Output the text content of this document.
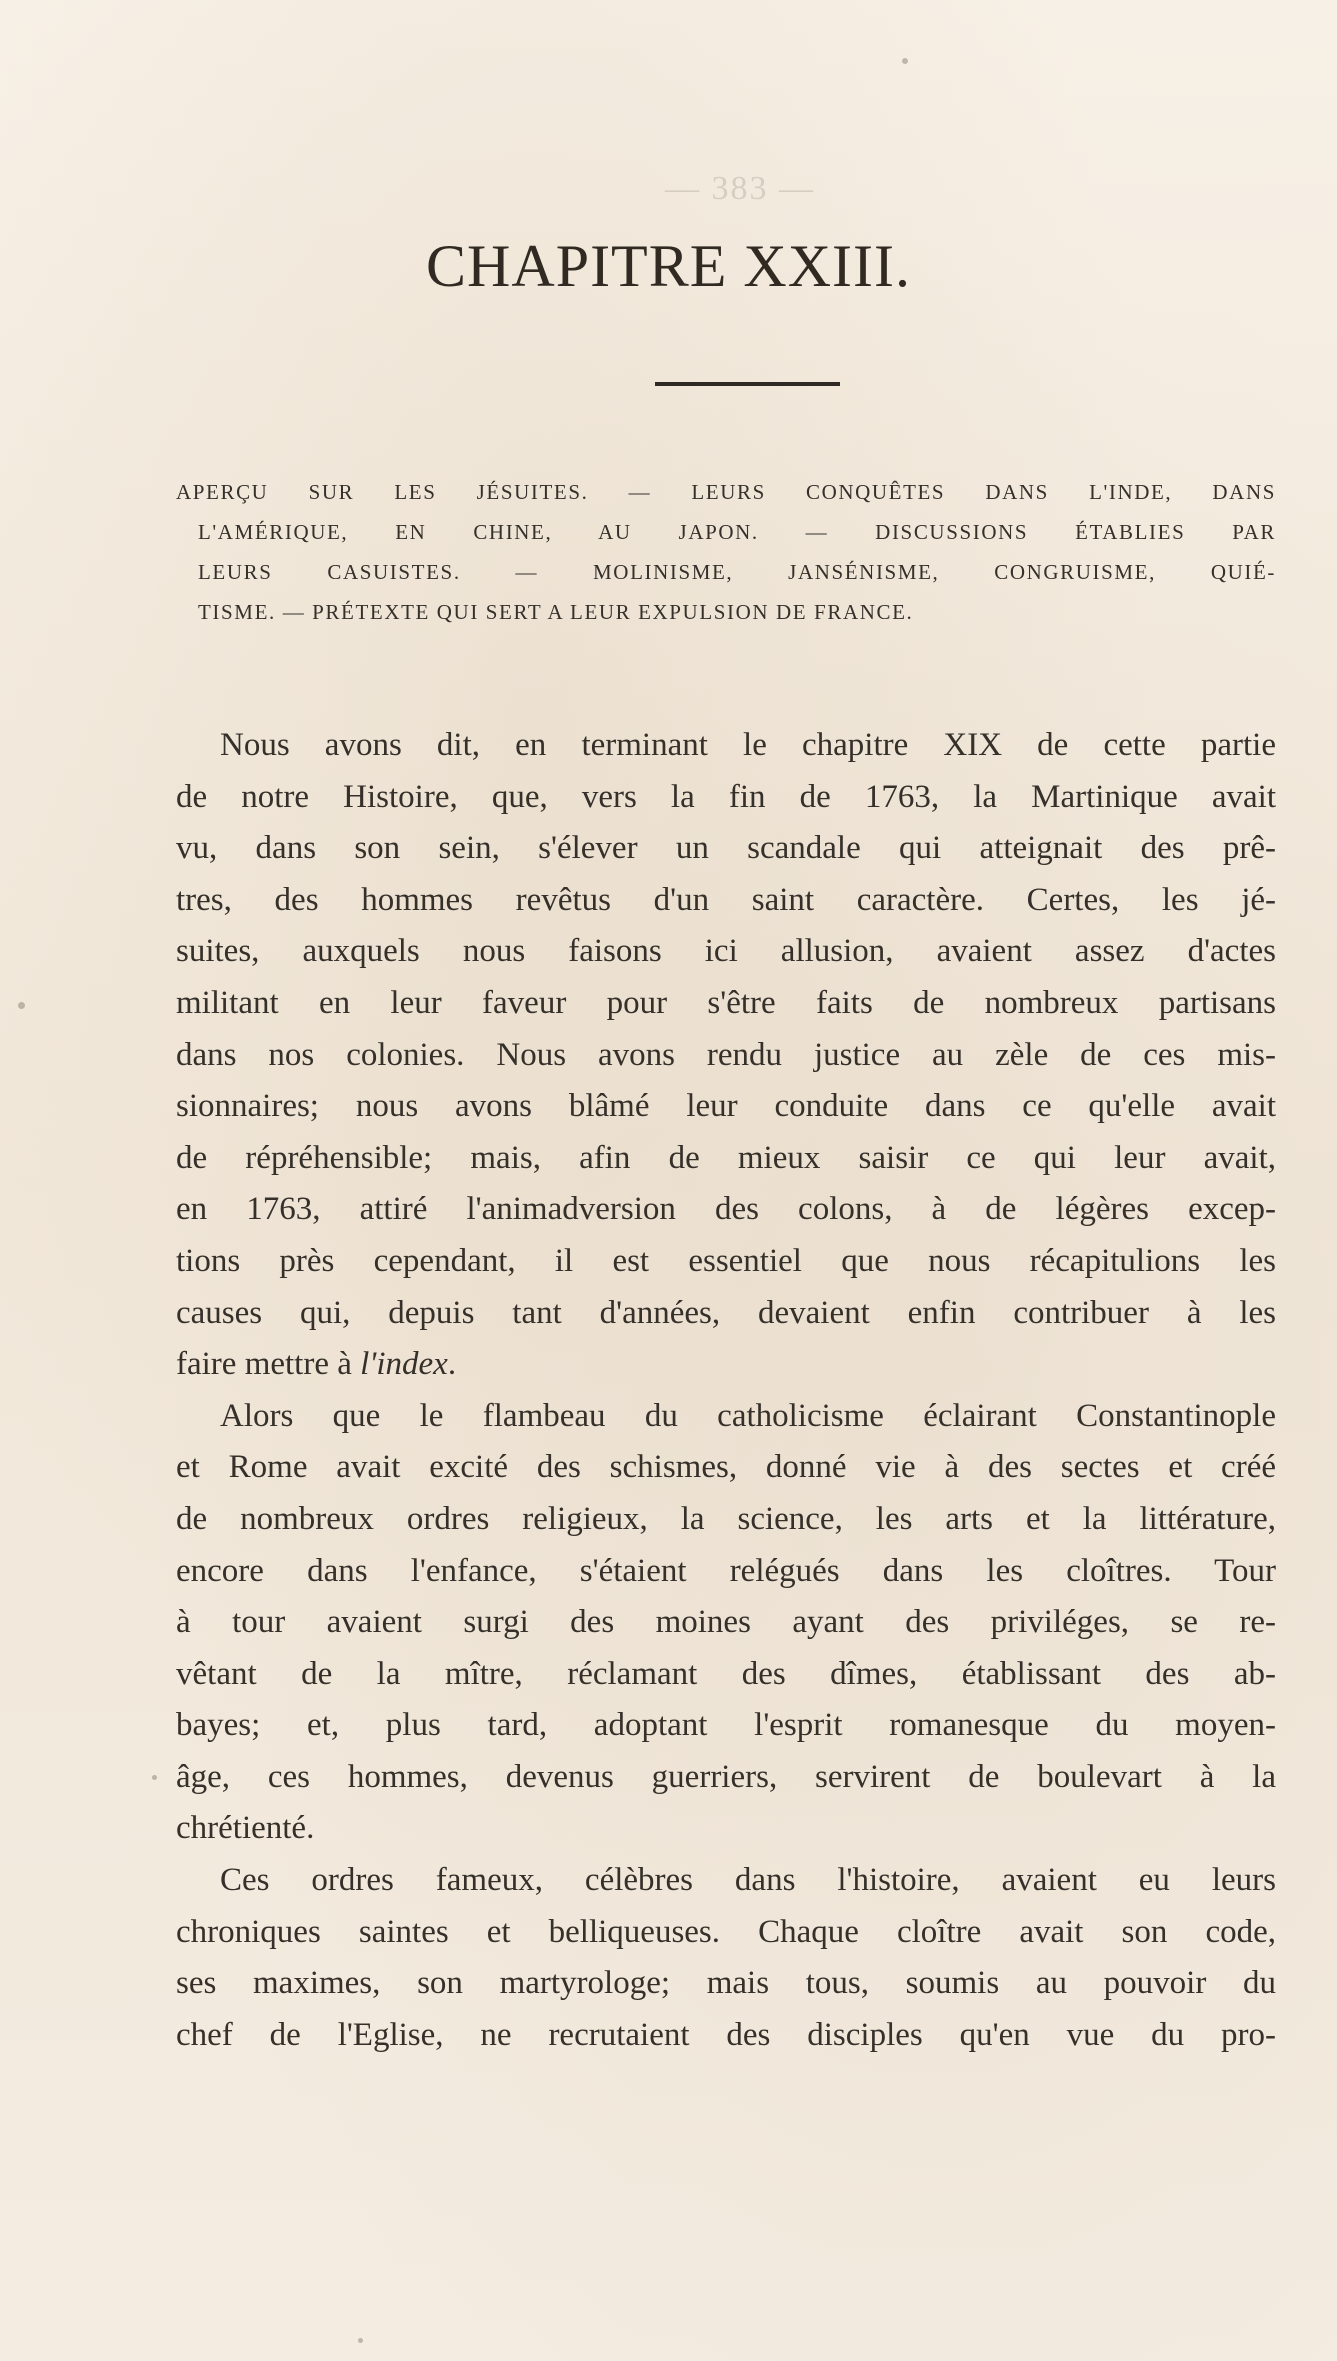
— 383 —
CHAPITRE XXIII.
APERÇU SUR LES JÉSUITES. — LEURS CONQUÊTES DANS L'INDE, DANS
L'AMÉRIQUE, EN CHINE, AU JAPON. — DISCUSSIONS ÉTABLIES PAR
LEURS CASUISTES. — MOLINISME, JANSÉNISME, CONGRUISME, QUIÉ-
TISME. — PRÉTEXTE QUI SERT A LEUR EXPULSION DE FRANCE.
Nous avons dit, en terminant le chapitre XIX de cette partie
de notre Histoire, que, vers la fin de 1763, la Martinique avait
vu, dans son sein, s'élever un scandale qui atteignait des prê-
tres, des hommes revêtus d'un saint caractère. Certes, les jé-
suites, auxquels nous faisons ici allusion, avaient assez d'actes
militant en leur faveur pour s'être faits de nombreux partisans
dans nos colonies. Nous avons rendu justice au zèle de ces mis-
sionnaires; nous avons blâmé leur conduite dans ce qu'elle avait
de répréhensible; mais, afin de mieux saisir ce qui leur avait,
en 1763, attiré l'animadversion des colons, à de légères excep-
tions près cependant, il est essentiel que nous récapitulions les
causes qui, depuis tant d'années, devaient enfin contribuer à les
faire mettre à l'index.
Alors que le flambeau du catholicisme éclairant Constantinople
et Rome avait excité des schismes, donné vie à des sectes et créé
de nombreux ordres religieux, la science, les arts et la littérature,
encore dans l'enfance, s'étaient relégués dans les cloîtres. Tour
à tour avaient surgi des moines ayant des priviléges, se re-
vêtant de la mître, réclamant des dîmes, établissant des ab-
bayes; et, plus tard, adoptant l'esprit romanesque du moyen-
âge, ces hommes, devenus guerriers, servirent de boulevart à la
chrétienté.
Ces ordres fameux, célèbres dans l'histoire, avaient eu leurs
chroniques saintes et belliqueuses. Chaque cloître avait son code,
ses maximes, son martyrologe; mais tous, soumis au pouvoir du
chef de l'Eglise, ne recrutaient des disciples qu'en vue du pro-
